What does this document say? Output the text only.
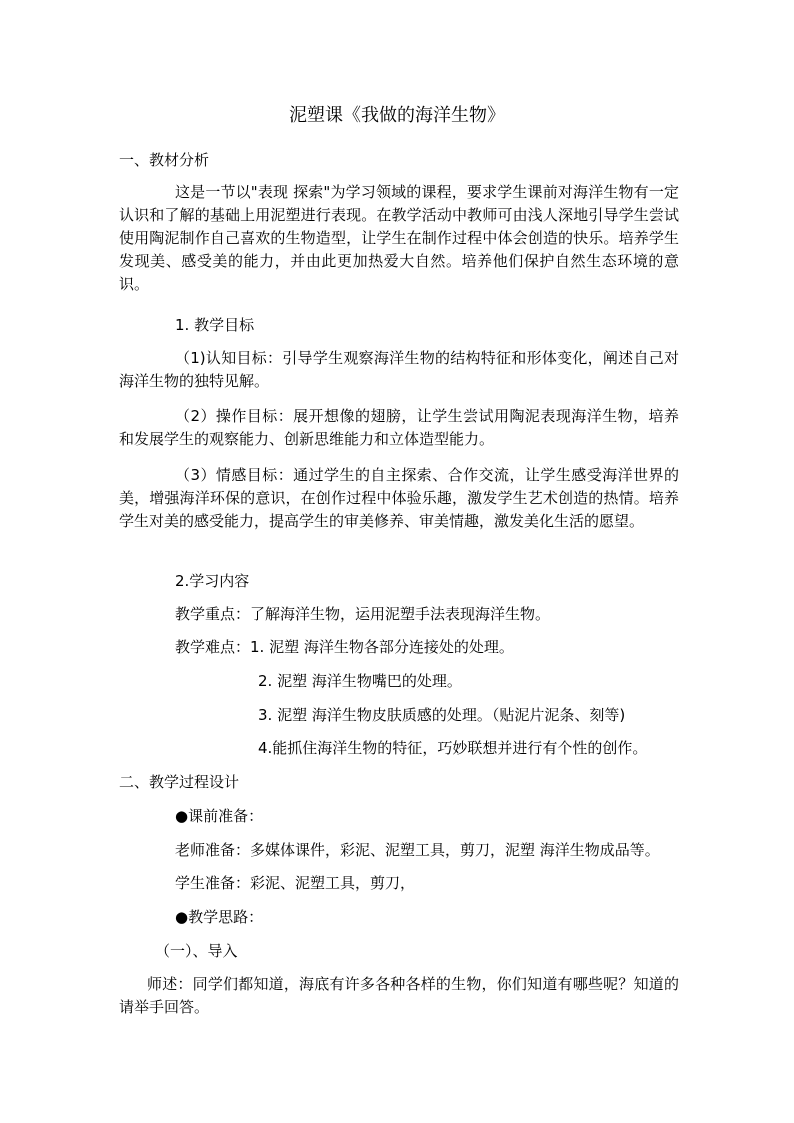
泥塑课《我做的海洋生物》
一、教材分析
这是一节以"表现 探索"为学习领域的课程，要求学生课前对海洋生物有一定认识和了解的基础上用泥塑进行表现。在教学活动中教师可由浅人深地引导学生尝试使用陶泥制作自己喜欢的生物造型，让学生在制作过程中体会创造的快乐。培养学生发现美、感受美的能力，并由此更加热爱大自然。培养他们保护自然生态环境的意识。
1. 教学目标
（1)认知目标：引导学生观察海洋生物的结构特征和形体变化，阐述自己对海洋生物的独特见解。
（2）操作目标：展开想像的翅膀，让学生尝试用陶泥表现海洋生物，培养和发展学生的观察能力、创新思维能力和立体造型能力。
（3）情感目标：通过学生的自主探索、合作交流，让学生感受海洋世界的美，增强海洋环保的意识，在创作过程中体验乐趣，激发学生艺术创造的热情。培养学生对美的感受能力，提高学生的审美修养、审美情趣，激发美化生活的愿望。
2.学习内容
教学重点：了解海洋生物，运用泥塑手法表现海洋生物。
教学难点：1. 泥塑 海洋生物各部分连接处的处理。
2. 泥塑 海洋生物嘴巴的处理。
3. 泥塑 海洋生物皮肤质感的处理。（贴泥片泥条、刻等)
4.能抓住海洋生物的特征，巧妙联想并进行有个性的创作。
二、教学过程设计
●课前准备：
老师准备：多媒体课件，彩泥、泥塑工具，剪刀，泥塑 海洋生物成品等。
学生准备：彩泥、泥塑工具，剪刀，
●教学思路：
（一）、导入
师述：同学们都知道，海底有许多各种各样的生物，你们知道有哪些呢？知道的请举手回答。
